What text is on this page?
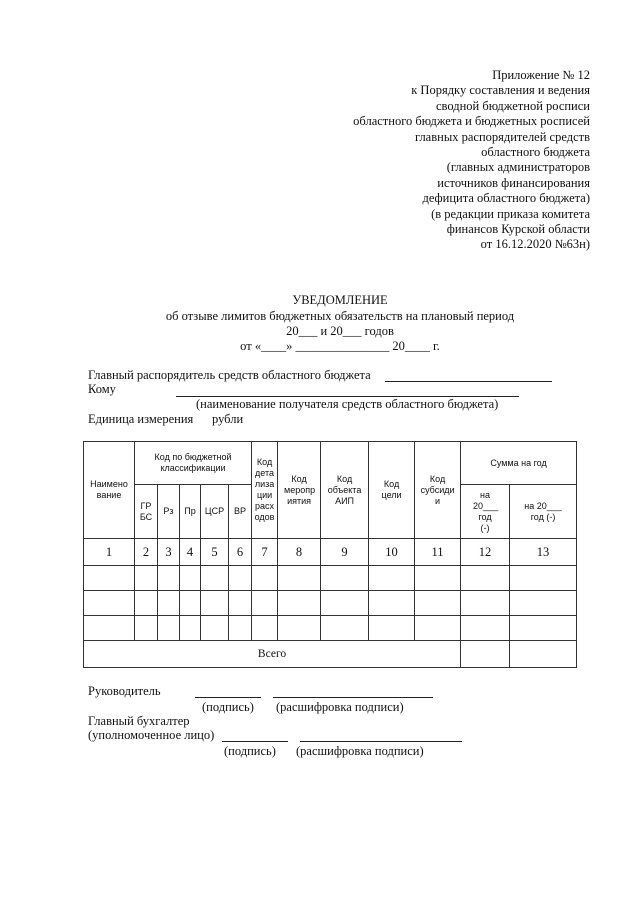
Приложение № 12
к Порядку составления и ведения
сводной бюджетной росписи
областного бюджета и бюджетных росписей
главных распорядителей средств
областного бюджета
(главных администраторов
источников финансирования
дефицита областного бюджета)
(в редакции приказа комитета
финансов Курской области
от 16.12.2020 №63н)
УВЕДОМЛЕНИЕ
об отзыве лимитов бюджетных обязательств на плановый период
20___ и 20___ годов
от «____» _______________ 20____ г.
Главный распорядитель средств областного бюджета
Кому
(наименование получателя средств областного бюджета)
Единица измерения рубли
Наимено вание	Код по бюджетной классификации					Код дета лиза ции расх одов	Код меропр иятия	Код объекта АИП	Код цели	Код субсиди и	Сумма на год	
	ГР БС	Рз	Пр	ЦСР	ВР						на 20___ год (-)	на 20___ год (-)
1	2	3	4	5	6	7	8	9	10	11	12	13

Всего												
Руководитель
(подпись) (расшифровка подписи)
Главный бухгалтер
(уполномоченное лицо)
(подпись) (расшифровка подписи)
